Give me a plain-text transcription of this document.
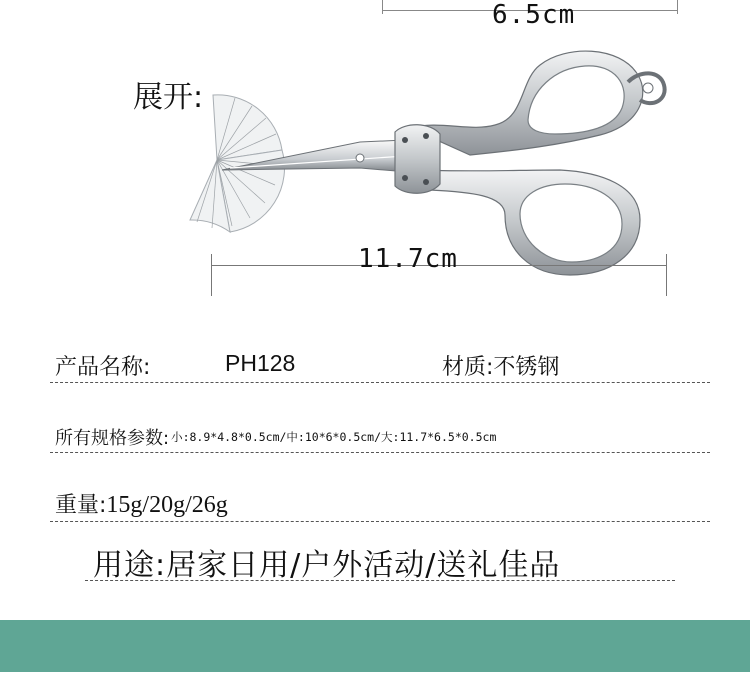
6.5cm
展开:
11.7cm
产品名称:	PH128	材质:不锈钢
所有规格参数: 小:8.9*4.8*0.5cm/中:10*6*0.5cm/大:11.7*6.5*0.5cm
重量:15g/20g/26g
用途:居家日用/户外活动/送礼佳品
